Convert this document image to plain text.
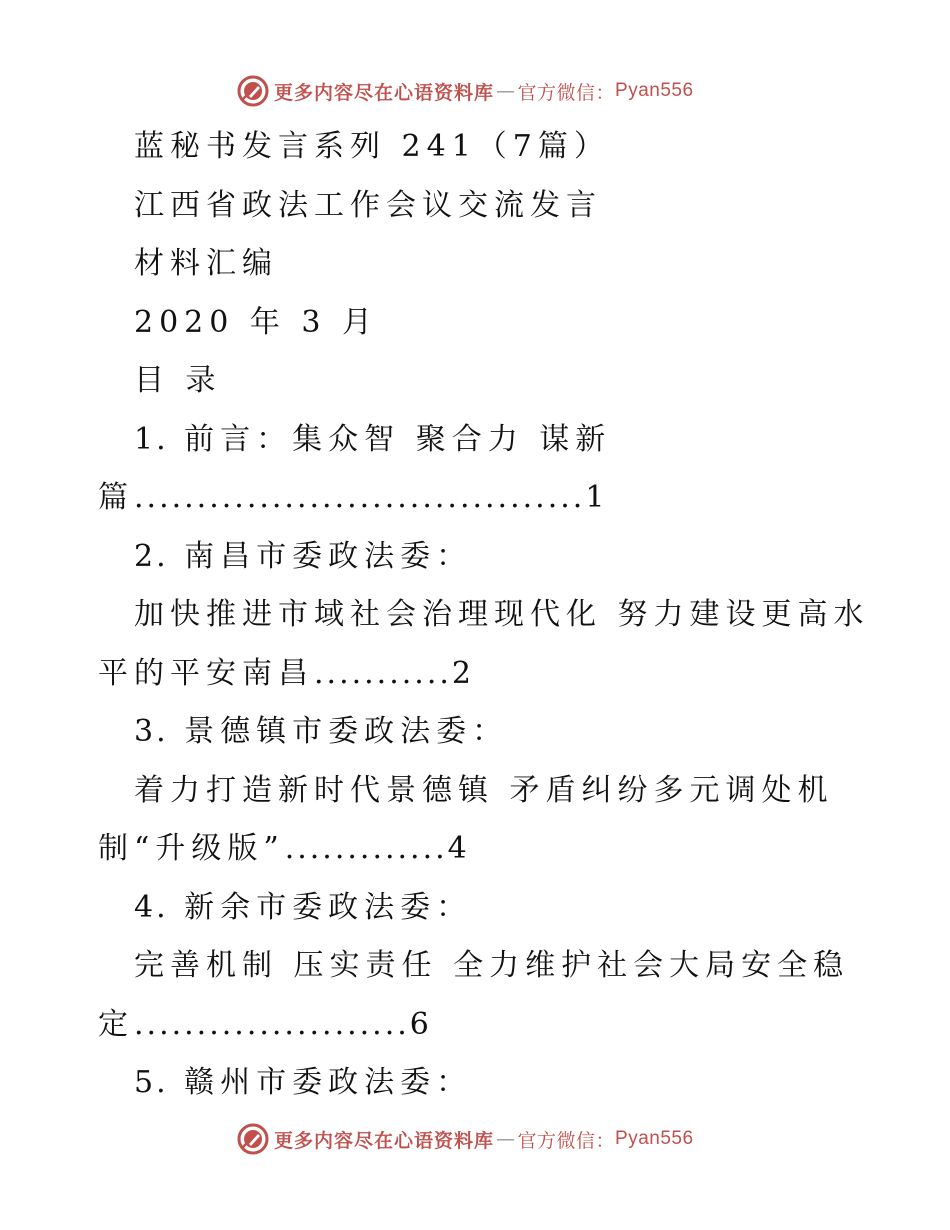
更多内容尽在心语资料库 — 官方微信： Pyan556
蓝秘书发言系列 241（7篇）
江西省政法工作会议交流发言
材料汇编
2020 年 3 月
目 录
1. 前言：集众智 聚合力 谋新
篇....................................1
2. 南昌市委政法委：
加快推进市域社会治理现代化 努力建设更高水
平的平安南昌...........2
3. 景德镇市委政法委：
着力打造新时代景德镇 矛盾纠纷多元调处机
制“升级版”.............4
4. 新余市委政法委：
完善机制 压实责任 全力维护社会大局安全稳
定......................6
5. 赣州市委政法委：
更多内容尽在心语资料库 — 官方微信： Pyan556
